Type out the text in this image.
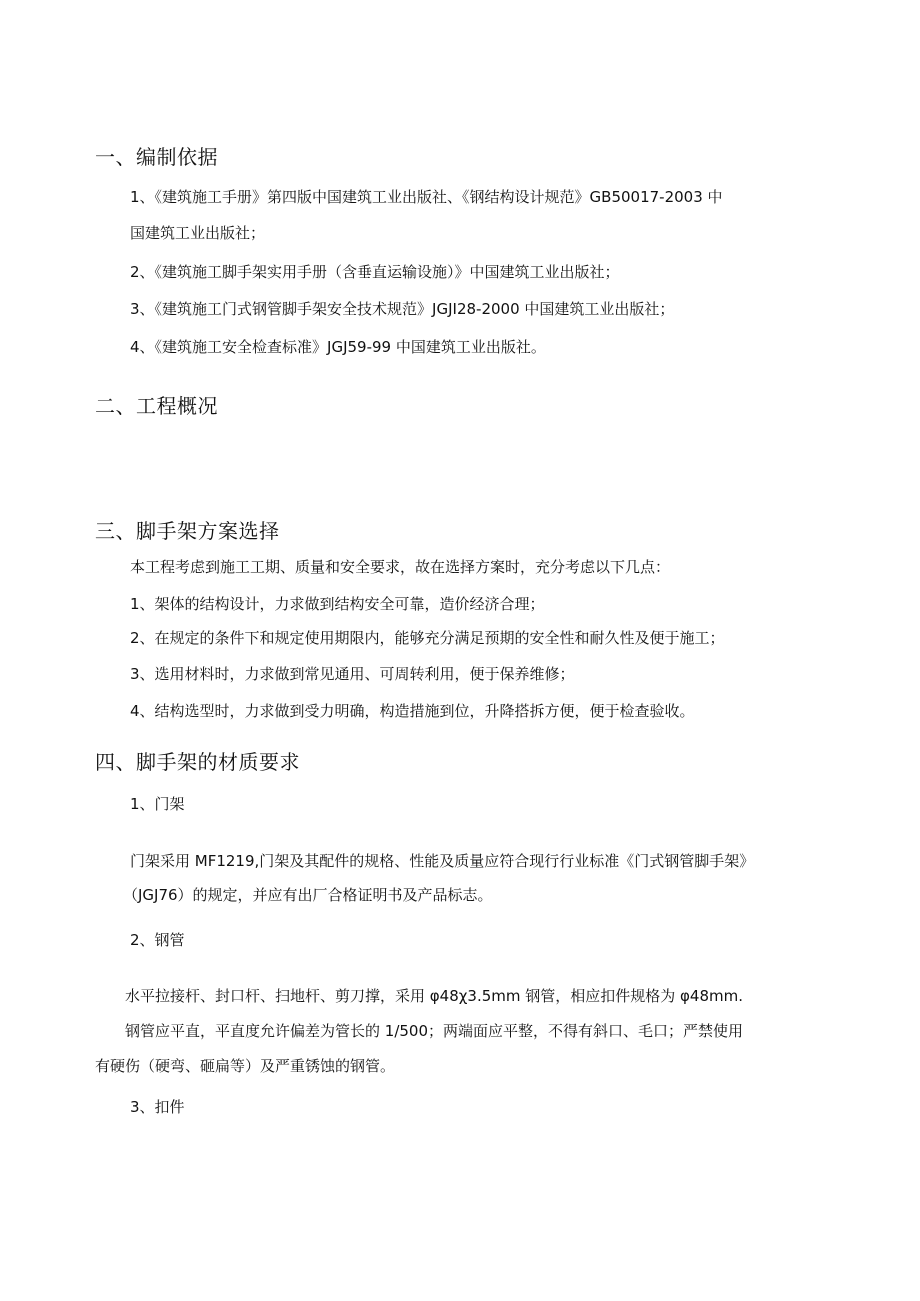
一、编制依据
1、《建筑施工手册》第四版中国建筑工业出版社、《钢结构设计规范》GB50017-2003 中
国建筑工业出版社；
2、《建筑施工脚手架实用手册（含垂直运输设施）》中国建筑工业出版社；
3、《建筑施工门式钢管脚手架安全技术规范》JGJI28-2000 中国建筑工业出版社；
4、《建筑施工安全检查标准》JGJ59-99 中国建筑工业出版社。
二、工程概况
三、脚手架方案选择
本工程考虑到施工工期、质量和安全要求，故在选择方案时，充分考虑以下几点：
1、架体的结构设计，力求做到结构安全可靠，造价经济合理；
2、在规定的条件下和规定使用期限内，能够充分满足预期的安全性和耐久性及便于施工；
3、选用材料时，力求做到常见通用、可周转利用，便于保养维修；
4、结构选型时，力求做到受力明确，构造措施到位，升降搭拆方便，便于检查验收。
四、脚手架的材质要求
1、门架
门架采用 MF1219,门架及其配件的规格、性能及质量应符合现行行业标准《门式钢管脚手架》
（JGJ76）的规定，并应有出厂合格证明书及产品标志。
2、钢管
水平拉接杆、封口杆、扫地杆、剪刀撑，采用 φ48χ3.5mm 钢管，相应扣件规格为 φ48mm.
钢管应平直，平直度允许偏差为管长的 1/500；两端面应平整，不得有斜口、毛口；严禁使用
有硬伤（硬弯、砸扁等）及严重锈蚀的钢管。
3、扣件
